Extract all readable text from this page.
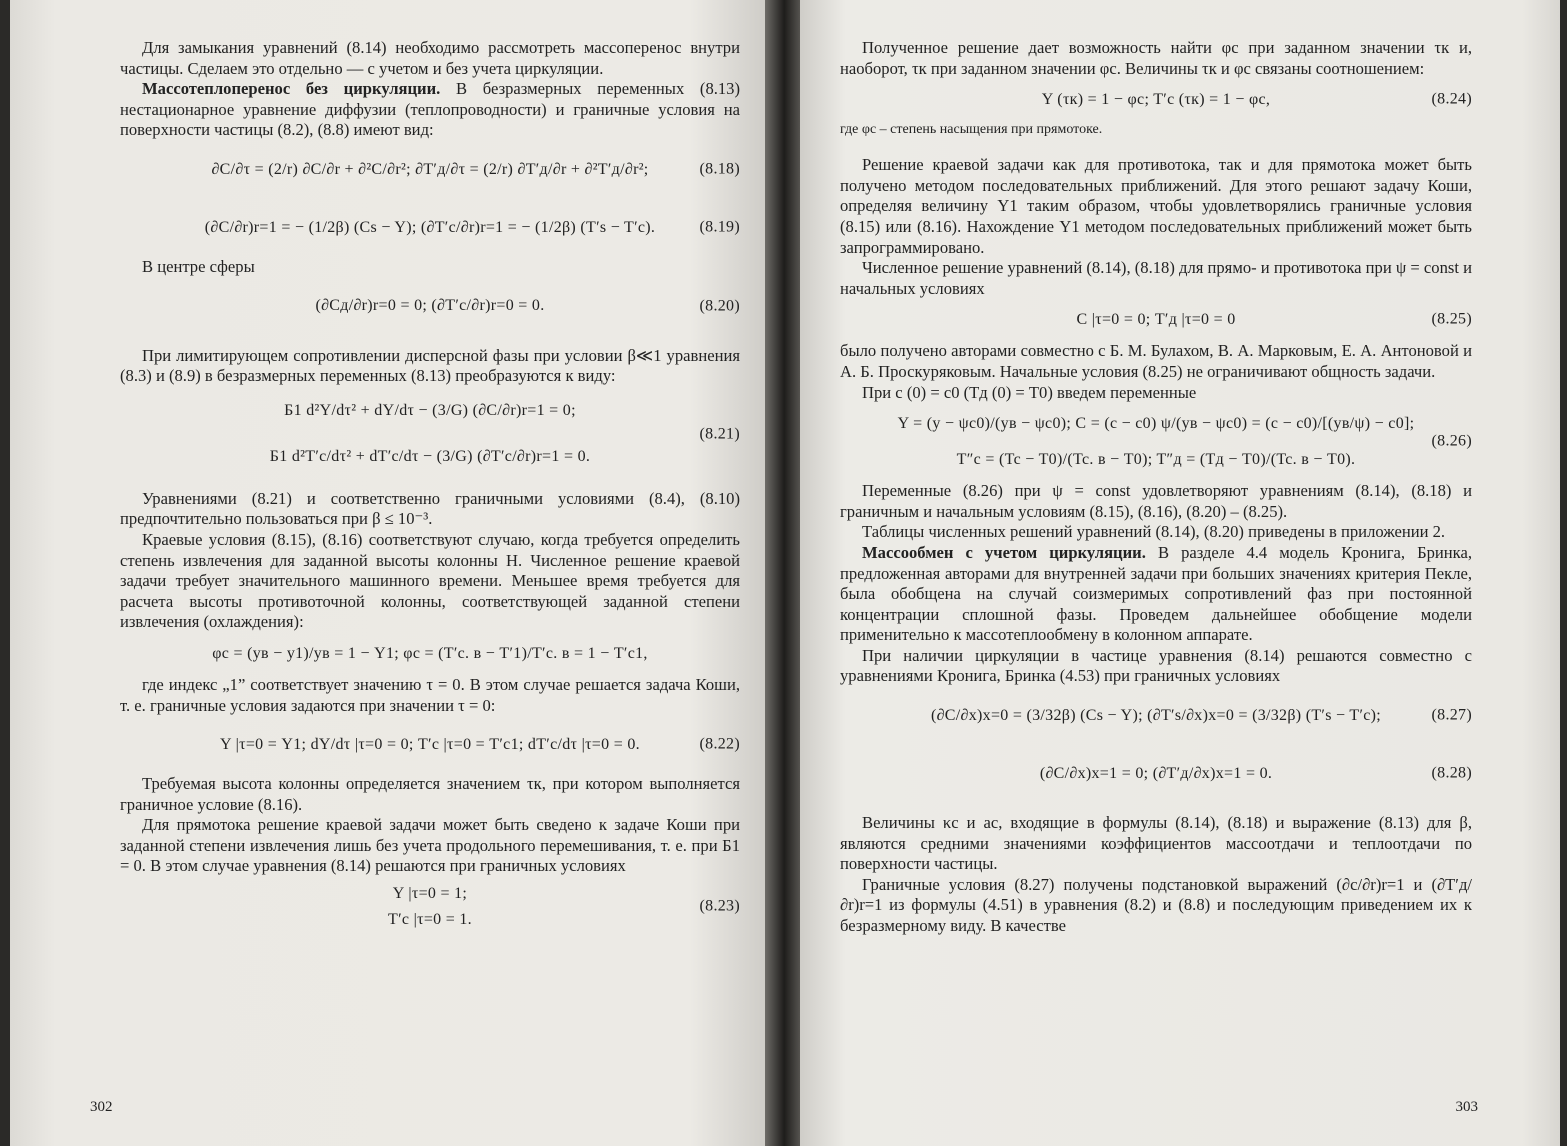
Для замыкания уравнений (8.14) необходимо рассмотреть массоперенос внутри частицы. Сделаем это отдельно — с учетом и без учета циркуляции.

Массотеплоперенос без циркуляции. В безразмерных переменных (8.13) нестационарное уравнение диффузии (теплопроводности) и граничные условия на поверхности частицы (8.2), (8.8) имеют вид:

∂C/∂τ = (2/r) ∂C/∂r + ∂²C/∂r²; ∂T′д/∂τ = (2/r) ∂T′д/∂r + ∂²T′д/∂r²;	(8.18)
(∂C/∂r)r=1 = − (1/2β) (Cs − Y); (∂T′c/∂r)r=1 = − (1/2β) (T′s − T′c).	(8.19)

В центре сферы

(∂Cд/∂r)r=0 = 0; (∂T′c/∂r)r=0 = 0.	(8.20)

При лимитирующем сопротивлении дисперсной фазы при условии β≪1 уравнения (8.3) и (8.9) в безразмерных переменных (8.13) преобразуются к виду:

Б1 d²Y/dτ² + dY/dτ − (3/G) (∂C/∂r)r=1 = 0;
Б1 d²T′c/dτ² + dT′c/dτ − (3/G) (∂T′c/∂r)r=1 = 0.
(8.21)

Уравнениями (8.21) и соответственно граничными условиями (8.4), (8.10) предпочтительно пользоваться при β ≤ 10⁻³.

Краевые условия (8.15), (8.16) соответствуют случаю, когда требуется определить степень извлечения для заданной высоты колонны H. Численное решение краевой задачи требует значительного машинного времени. Меньшее время требуется для расчета высоты противоточной колонны, соответствующей заданной степени извлечения (охлаждения):

φc = (yв − y1)/yв = 1 − Y1; φc = (T′c. в − T′1)/T′c. в = 1 − T′c1,

где индекс „1” соответствует значению τ = 0. В этом случае решается задача Коши, т. е. граничные условия задаются при значении τ = 0:

Y |τ=0 = Y1; dY/dτ |τ=0 = 0; T′c |τ=0 = T′c1; dT′c/dτ |τ=0 = 0.	(8.22)

Требуемая высота колонны определяется значением τк, при котором выполняется граничное условие (8.16).

Для прямотока решение краевой задачи может быть сведено к задаче Коши при заданной степени извлечения лишь без учета продольного перемешивания, т. е. при Б1 = 0. В этом случае уравнения (8.14) решаются при граничных условиях

Y |τ=0 = 1;
T′c |τ=0 = 1.
(8.23)
302

Полученное решение дает возможность найти φс при заданном значении τк и, наоборот, τк при заданном значении φс. Величины τк и φс связаны соотношением:

Y (τк) = 1 − φc; T′c (τк) = 1 − φc,	(8.24)

где φс – степень насыщения при прямотоке.

Решение краевой задачи как для противотока, так и для прямотока может быть получено методом последовательных приближений. Для этого решают задачу Коши, определяя величину Y1 таким образом, чтобы удовлетворялись граничные условия (8.15) или (8.16). Нахождение Y1 методом последовательных приближений может быть запрограммировано.

Численное решение уравнений (8.14), (8.18) для прямо- и противотока при ψ = const и начальных условиях

C |τ=0 = 0; T′д |τ=0 = 0	(8.25)

было получено авторами совместно с Б. М. Булахом, В. А. Марковым, Е. А. Антоновой и А. Б. Проскуряковым. Начальные условия (8.25) не ограничивают общность задачи.

При c (0) = c0 (Tд (0) = T0) введем переменные

Y = (y − ψc0)/(yв − ψc0); C = (c − c0) ψ/(yв − ψc0) = (c − c0)/[(yв/ψ) − c0];
T″c = (Tc − T0)/(Tc. в − T0); T″д = (Tд − T0)/(Tc. в − T0).
(8.26)

Переменные (8.26) при ψ = const удовлетворяют уравнениям (8.14), (8.18) и граничным и начальным условиям (8.15), (8.16), (8.20) – (8.25).

Таблицы численных решений уравнений (8.14), (8.20) приведены в приложении 2.

Массообмен с учетом циркуляции. В разделе 4.4 модель Кронига, Бринка, предложенная авторами для внутренней задачи при больших значениях критерия Пекле, была обобщена на случай соизмеримых сопротивлений фаз при постоянной концентрации сплошной фазы. Проведем дальнейшее обобщение модели применительно к массотеплообмену в колонном аппарате.

При наличии циркуляции в частице уравнения (8.14) решаются совместно с уравнениями Кронига, Бринка (4.53) при граничных условиях

(∂C/∂x)x=0 = (3/32β) (Cs − Y); (∂T′s/∂x)x=0 = (3/32β) (T′s − T′c);	(8.27)
(∂C/∂x)x=1 = 0; (∂T′д/∂x)x=1 = 0.	(8.28)

Величины κс и aс, входящие в формулы (8.14), (8.18) и выражение (8.13) для β, являются средними значениями коэффициентов массоотдачи и теплоотдачи по поверхности частицы.

Граничные условия (8.27) получены подстановкой выражений (∂c/∂r)r=1 и (∂T′д/∂r)r=1 из формулы (4.51) в уравнения (8.2) и (8.8) и последующим приведением их к безразмерному виду. В качестве

303
